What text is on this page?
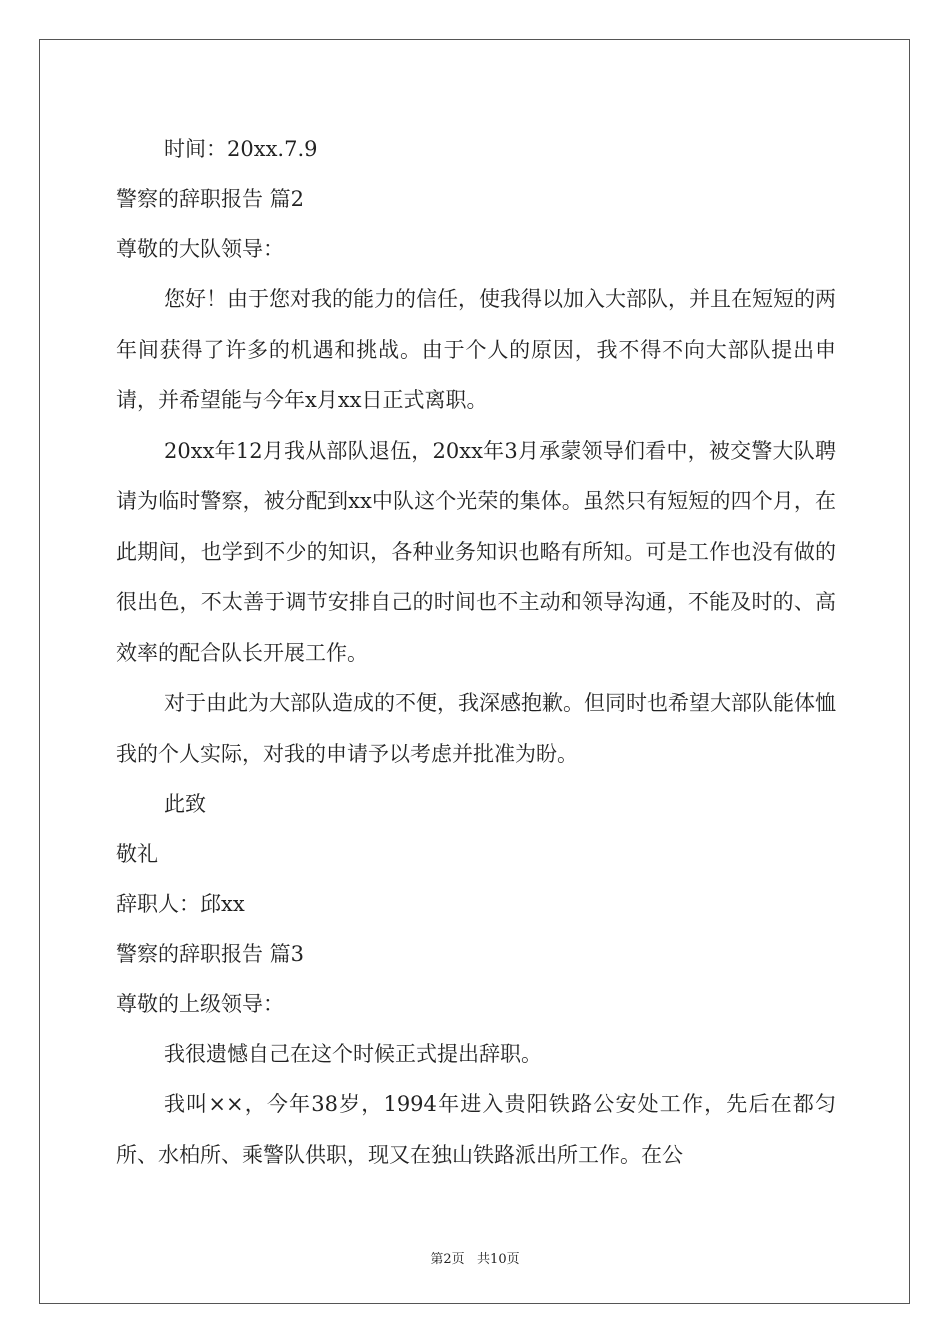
时间：20xx.7.9
警察的辞职报告 篇2
尊敬的大队领导：

您好！由于您对我的能力的信任，使我得以加入大部队，并且在短短的两年间获得了许多的机遇和挑战。由于个人的原因，我不得不向大部队提出申请，并希望能与今年x月xx日正式离职。

20xx年12月我从部队退伍，20xx年3月承蒙领导们看中，被交警大队聘请为临时警察，被分配到xx中队这个光荣的集体。虽然只有短短的四个月，在此期间，也学到不少的知识，各种业务知识也略有所知。可是工作也没有做的很出色，不太善于调节安排自己的时间也不主动和领导沟通，不能及时的、高效率的配合队长开展工作。

对于由此为大部队造成的不便，我深感抱歉。但同时也希望大部队能体恤我的个人实际，对我的申请予以考虑并批准为盼。

此致
敬礼
辞职人：邱xx
警察的辞职报告 篇3
尊敬的上级领导：
我很遗憾自己在这个时候正式提出辞职。

我叫××，今年38岁，1994年进入贵阳铁路公安处工作，先后在都匀所、水柏所、乘警队供职，现又在独山铁路派出所工作。在公

第2页   共10页
